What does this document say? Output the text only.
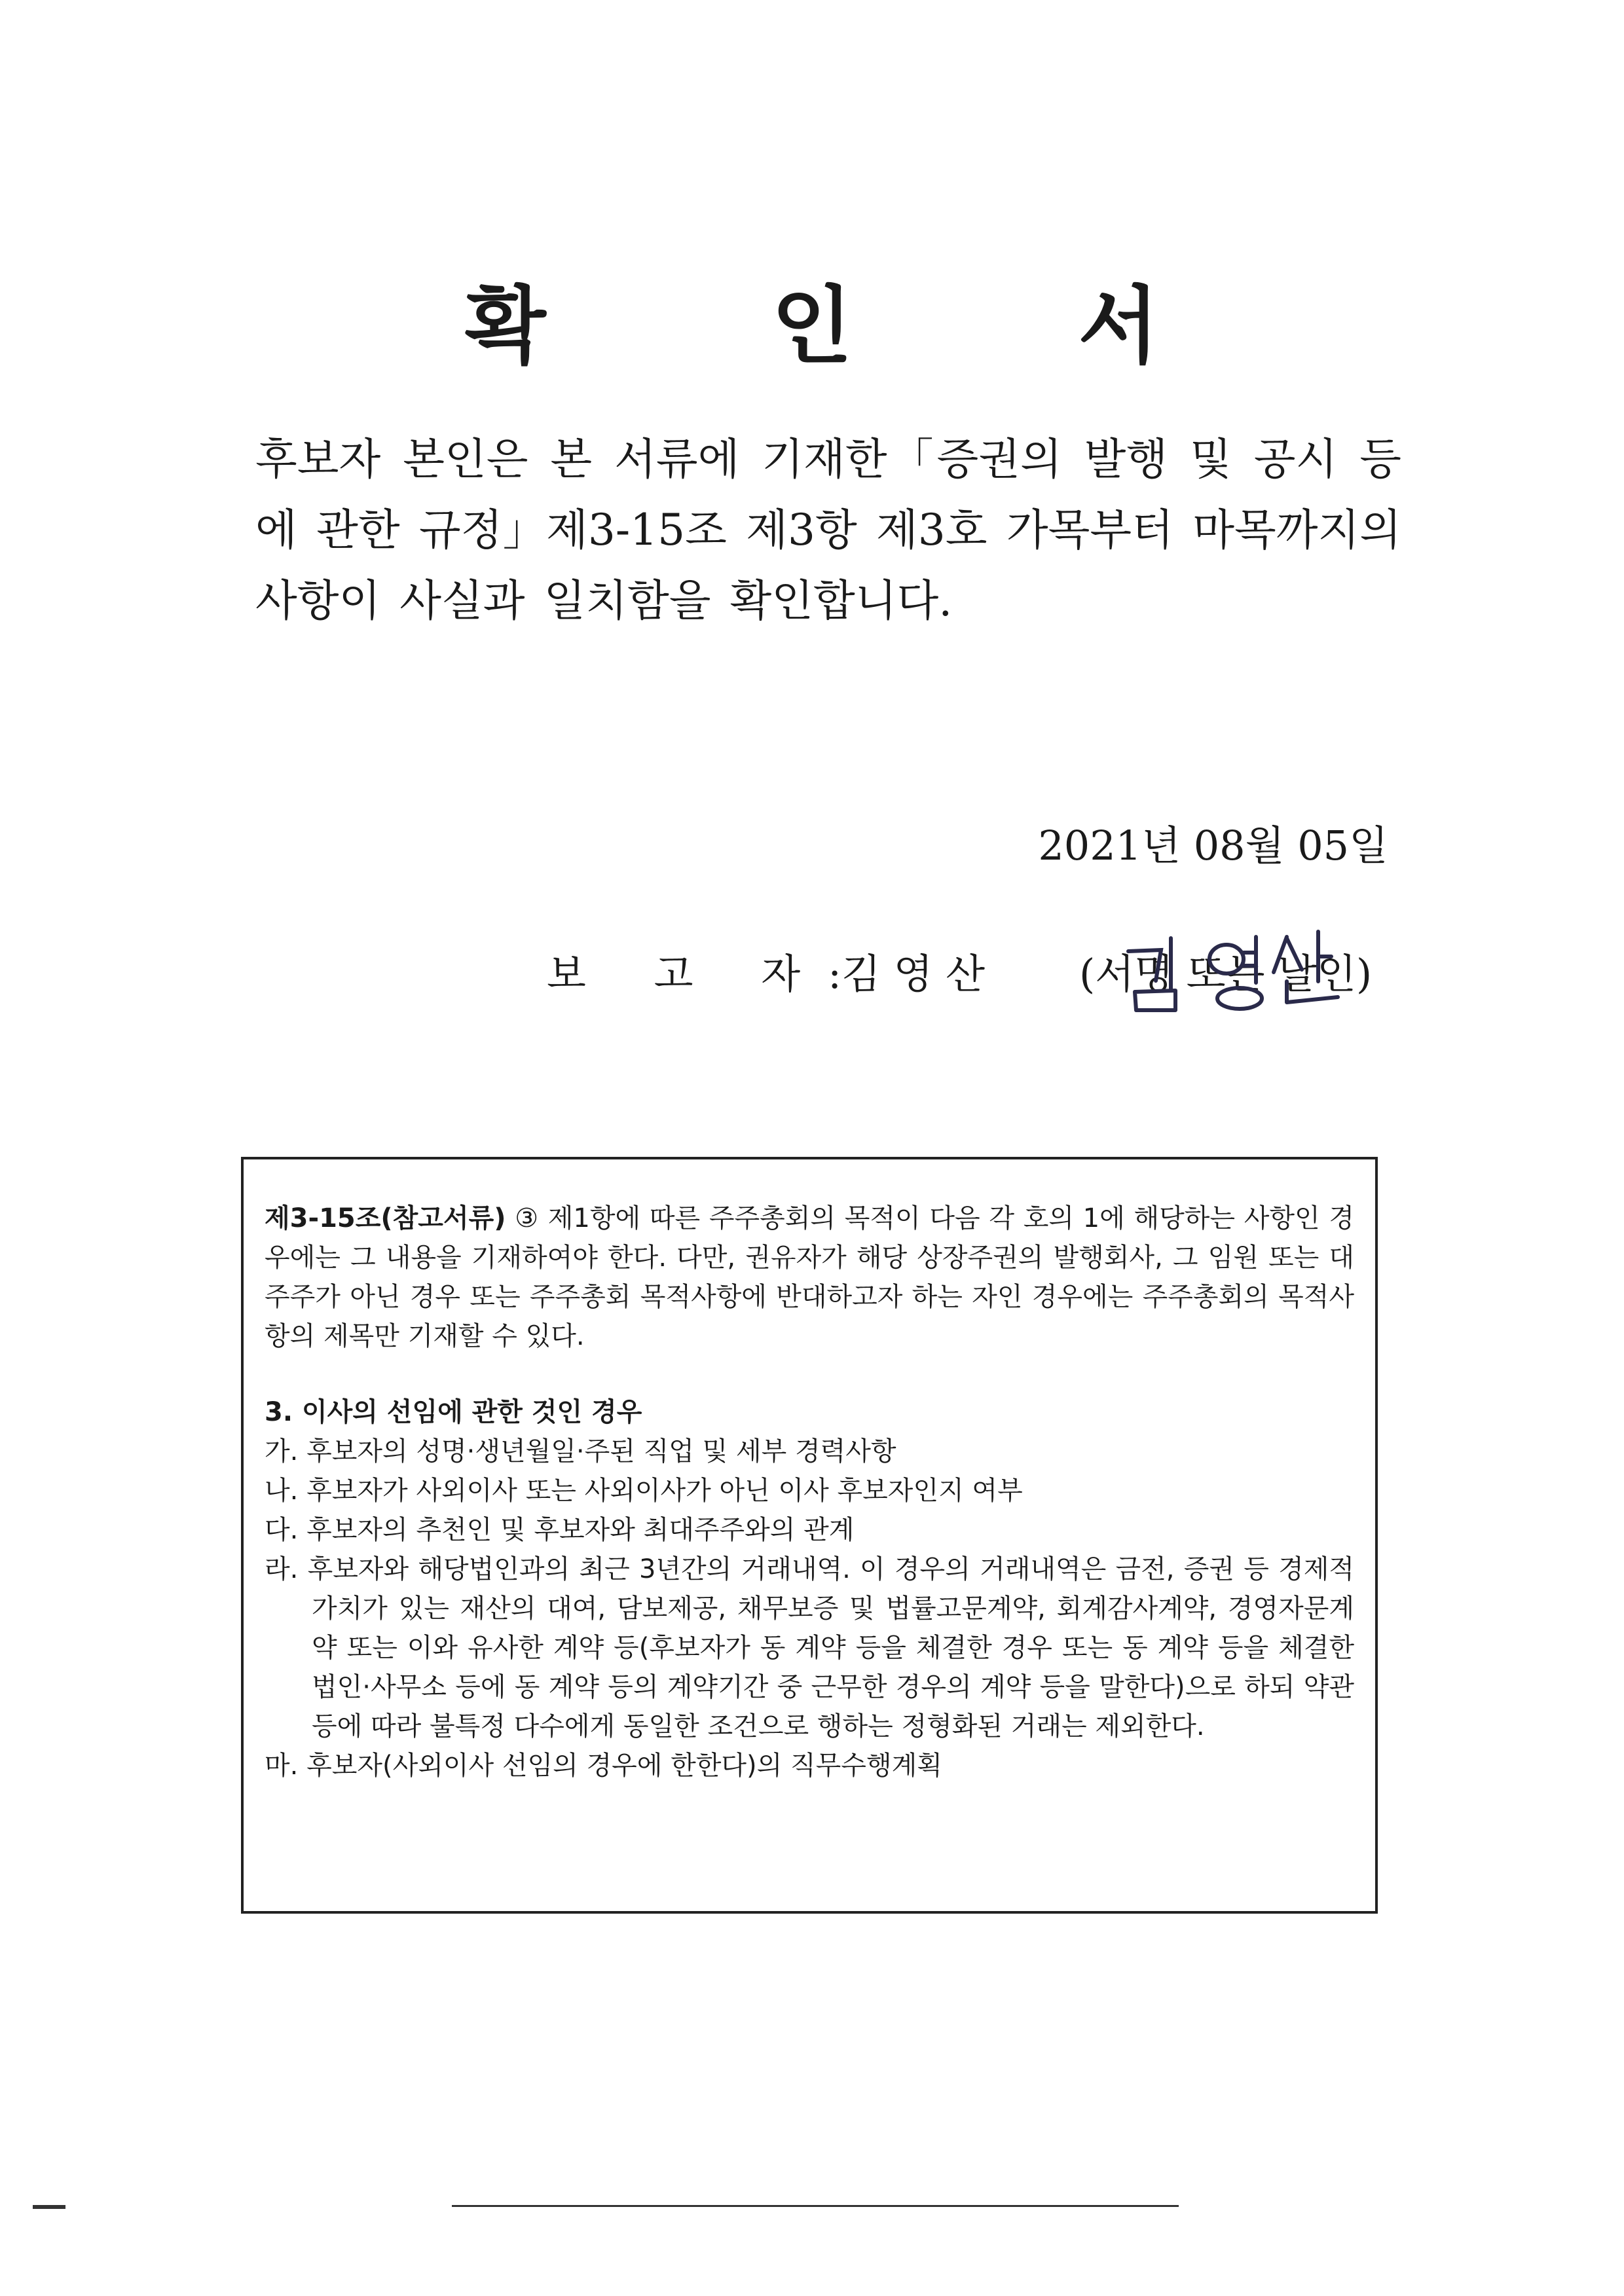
확 인 서
후보자 본인은 본 서류에 기재한「증권의 발행 및 공시 등에 관한 규정」제3-15조 제3항 제3호 가목부터 마목까지의 사항이 사실과 일치함을 확인합니다.
2021년 08월 05일
보 고 자:김 영 산 (서명 또는 날인)

제3-15조(참고서류) ③ 제1항에 따른 주주총회의 목적이 다음 각 호의 1에 해당하는 사항인 경우에는 그 내용을 기재하여야 한다. 다만, 권유자가 해당 상장주권의 발행회사, 그 임원 또는 대주주가 아닌 경우 또는 주주총회 목적사항에 반대하고자 하는 자인 경우에는 주주총회의 목적사항의 제목만 기재할 수 있다.

3. 이사의 선임에 관한 것인 경우

가. 후보자의 성명·생년월일·주된 직업 및 세부 경력사항

나. 후보자가 사외이사 또는 사외이사가 아닌 이사 후보자인지 여부

다. 후보자의 추천인 및 후보자와 최대주주와의 관계

라. 후보자와 해당법인과의 최근 3년간의 거래내역. 이 경우의 거래내역은 금전, 증권 등 경제적 가치가 있는 재산의 대여, 담보제공, 채무보증 및 법률고문계약, 회계감사계약, 경영자문계약 또는 이와 유사한 계약 등(후보자가 동 계약 등을 체결한 경우 또는 동 계약 등을 체결한 법인·사무소 등에 동 계약 등의 계약기간 중 근무한 경우의 계약 등을 말한다)으로 하되 약관 등에 따라 불특정 다수에게 동일한 조건으로 행하는 정형화된 거래는 제외한다.

마. 후보자(사외이사 선임의 경우에 한한다)의 직무수행계획
